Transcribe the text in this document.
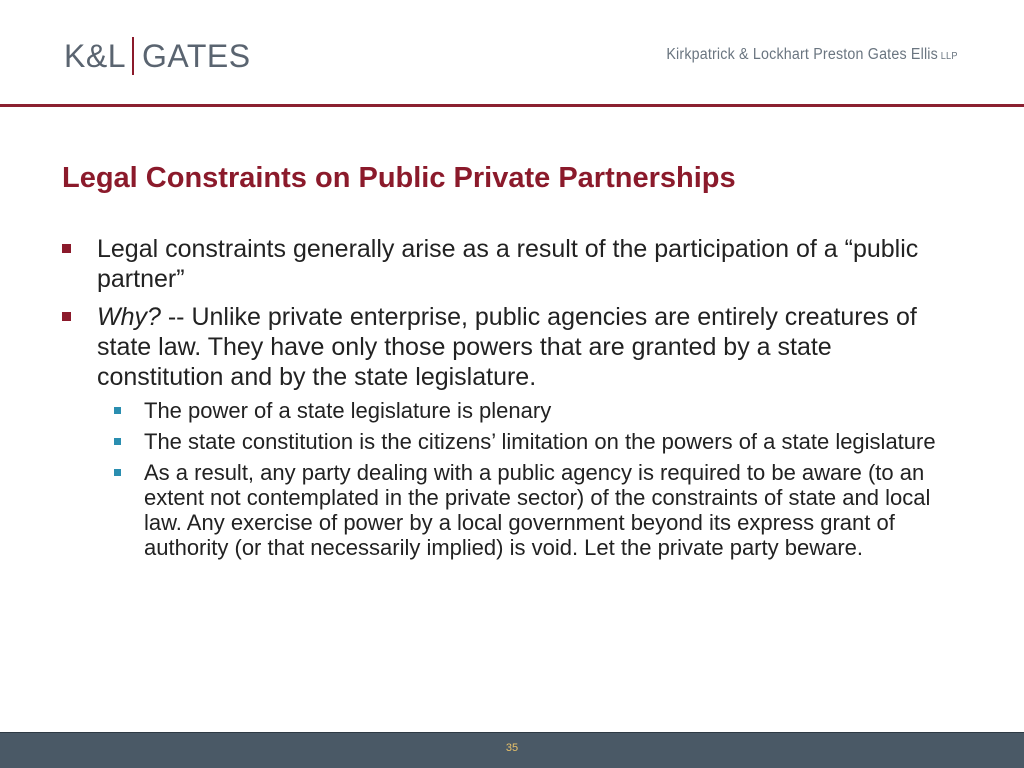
K&L GATES	Kirkpatrick & Lockhart Preston Gates Ellis LLP
Legal Constraints on Public Private Partnerships
Legal constraints generally arise as a result of the participation of a “public partner”
Why? -- Unlike private enterprise, public agencies are entirely creatures of state law. They have only those powers that are granted by a state constitution and by the state legislature.
The power of a state legislature is plenary
The state constitution is the citizens’ limitation on the powers of a state legislature
As a result, any party dealing with a public agency is required to be aware (to an extent not contemplated in the private sector) of the constraints of state and local law. Any exercise of power by a local government beyond its express grant of authority (or that necessarily implied) is void. Let the private party beware.
35
